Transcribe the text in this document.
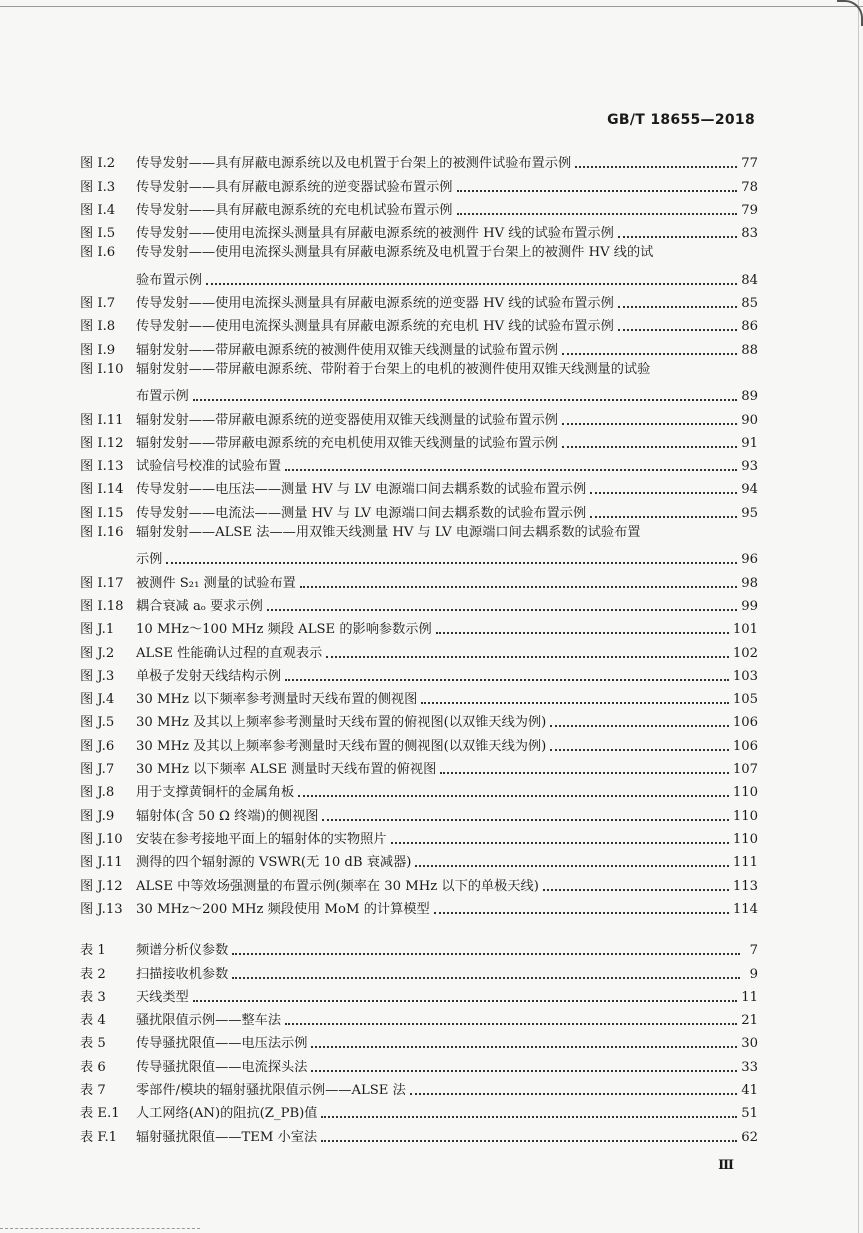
GB/T 18655—2018
图 I.2	传导发射——具有屏蔽电源系统以及电机置于台架上的被测件试验布置示例	77
图 I.3	传导发射——具有屏蔽电源系统的逆变器试验布置示例	78
图 I.4	传导发射——具有屏蔽电源系统的充电机试验布置示例	79
图 I.5	传导发射——使用电流探头测量具有屏蔽电源系统的被测件 HV 线的试验布置示例	83
图 I.6	传导发射——使用电流探头测量具有屏蔽电源系统及电机置于台架上的被测件 HV 线的试
验布置示例	84
图 I.7	传导发射——使用电流探头测量具有屏蔽电源系统的逆变器 HV 线的试验布置示例	85
图 I.8	传导发射——使用电流探头测量具有屏蔽电源系统的充电机 HV 线的试验布置示例	86
图 I.9	辐射发射——带屏蔽电源系统的被测件使用双锥天线测量的试验布置示例	88
图 I.10 辐射发射——带屏蔽电源系统、带附着于台架上的电机的被测件使用双锥天线测量的试验
布置示例	89
图 I.11 辐射发射——带屏蔽电源系统的逆变器使用双锥天线测量的试验布置示例	90
图 I.12 辐射发射——带屏蔽电源系统的充电机使用双锥天线测量的试验布置示例	91
图 I.13 试验信号校准的试验布置	93
图 I.14 传导发射——电压法——测量 HV 与 LV 电源端口间去耦系数的试验布置示例	94
图 I.15 传导发射——电流法——测量 HV 与 LV 电源端口间去耦系数的试验布置示例	95
图 I.16 辐射发射——ALSE 法——用双锥天线测量 HV 与 LV 电源端口间去耦系数的试验布置
示例	96
图 I.17 被测件 S₂₁ 测量的试验布置	98
图 I.18 耦合衰减 aₒ 要求示例	99
图 J.1	10 MHz～100 MHz 频段 ALSE 的影响参数示例	101
图 J.2	ALSE 性能确认过程的直观表示	102
图 J.3	单极子发射天线结构示例	103
图 J.4	30 MHz 以下频率参考测量时天线布置的侧视图	105
图 J.5	30 MHz 及其以上频率参考测量时天线布置的俯视图(以双锥天线为例)	106
图 J.6	30 MHz 及其以上频率参考测量时天线布置的侧视图(以双锥天线为例)	106
图 J.7	30 MHz 以下频率 ALSE 测量时天线布置的俯视图	107
图 J.8	用于支撑黄铜杆的金属角板	110
图 J.9	辐射体(含 50 Ω 终端)的侧视图	110
图 J.10	安装在参考接地平面上的辐射体的实物照片	110
图 J.11	测得的四个辐射源的 VSWR(无 10 dB 衰减器)	111
图 J.12	ALSE 中等效场强测量的布置示例(频率在 30 MHz 以下的单极天线)	113
图 J.13	30 MHz～200 MHz 频段使用 MoM 的计算模型	114
表 1	频谱分析仪参数	7
表 2	扫描接收机参数	9
表 3	天线类型	11
表 4	骚扰限值示例——整车法	21
表 5	传导骚扰限值——电压法示例	30
表 6	传导骚扰限值——电流探头法	33
表 7	零部件/模块的辐射骚扰限值示例——ALSE 法	41
表 E.1	人工网络(AN)的阻抗(Z_PB)值	51
表 F.1	辐射骚扰限值——TEM 小室法	62
Ⅲ
